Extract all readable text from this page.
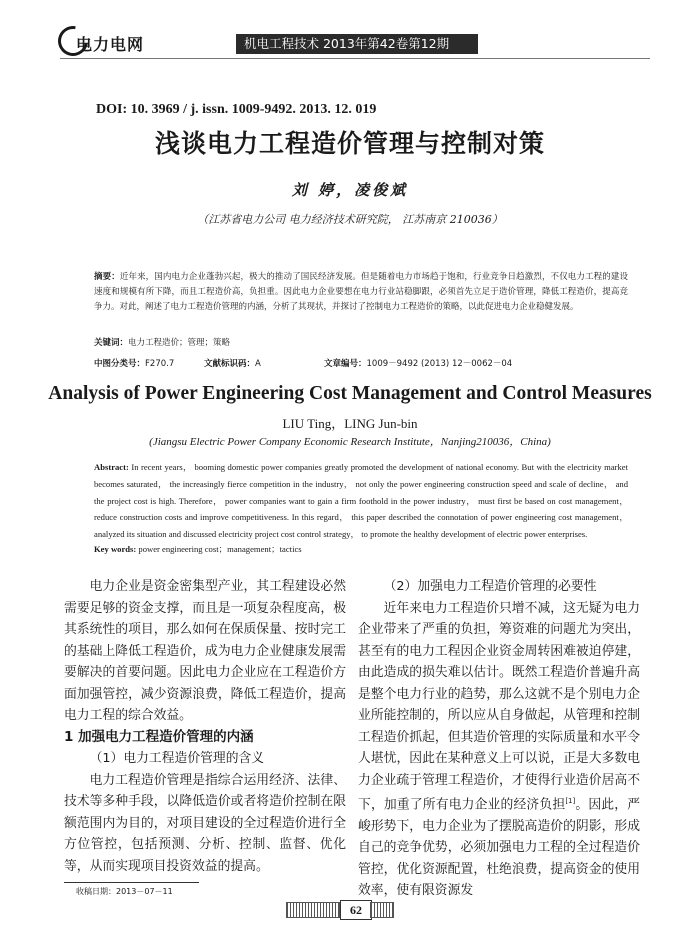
电力电网	机电工程技术 2013年第42卷第12期
DOI: 10. 3969 / j. issn. 1009-9492. 2013. 12. 019
浅谈电力工程造价管理与控制对策
刘 婷，凌俊斌
（江苏省电力公司 电力经济技术研究院， 江苏南京 210036）
摘要：近年来，国内电力企业蓬勃兴起，极大的推动了国民经济发展。但是随着电力市场趋于饱和，行业竞争日趋激烈，不仅电力工程的建设速度和规模有所下降，而且工程造价高，负担重。因此电力企业要想在电力行业站稳脚跟，必须首先立足于造价管理，降低工程造价，提高竞争力。对此，阐述了电力工程造价管理的内涵，分析了其现状，并探讨了控制电力工程造价的策略，以此促进电力企业稳健发展。
关键词：电力工程造价；管理；策略
中图分类号：F270.7	文献标识码：A	文章编号：1009－9492 (2013) 12－0062－04
Analysis of Power Engineering Cost Management and Control Measures
LIU Ting，LING Jun-bin
(Jiangsu Electric Power Company Economic Research Institute，Nanjing210036，China)
Abstract: In recent years， booming domestic power companies greatly promoted the development of national economy. But with the electricity market becomes saturated， the increasingly fierce competition in the industry， not only the power engineering construction speed and scale of decline， and the project cost is high. Therefore， power companies want to gain a firm foothold in the power industry， must first be based on cost management， reduce construction costs and improve competitiveness. In this regard， this paper described the connotation of power engineering cost management， analyzed its situation and discussed electricity project cost control strategy， to promote the healthy development of electric power enterprises.
Key words: power engineering cost；management；tactics

电力企业是资金密集型产业，其工程建设必然需要足够的资金支撑，而且是一项复杂程度高，极其系统性的项目，那么如何在保质保量、按时完工的基础上降低工程造价，成为电力企业健康发展需要解决的首要问题。因此电力企业应在工程造价方面加强管控，减少资源浪费，降低工程造价，提高电力工程的综合效益。

1 加强电力工程造价管理的内涵
（1）电力工程造价管理的含义

电力工程造价管理是指综合运用经济、法律、技术等多种手段，以降低造价或者将造价控制在限额范围内为目的，对项目建设的全过程造价进行全方位管控，包括预测、分析、控制、监督、优化等，从而实现项目投资效益的提高。

（2）加强电力工程造价管理的必要性

近年来电力工程造价只增不减，这无疑为电力企业带来了严重的负担，筹资难的问题尤为突出，甚至有的电力工程因企业资金周转困难被迫停建，由此造成的损失难以估计。既然工程造价普遍升高是整个电力行业的趋势，那么这就不是个别电力企业所能控制的，所以应从自身做起，从管理和控制工程造价抓起，但其造价管理的实际质量和水平令人堪忧，因此在某种意义上可以说，正是大多数电力企业疏于管理工程造价，才使得行业造价居高不下，加重了所有电力企业的经济负担[1]。因此，严峻形势下，电力企业为了摆脱高造价的阴影，形成自己的竞争优势，必须加强电力工程的全过程造价管控，优化资源配置，杜绝浪费，提高资金的使用效率，使有限资源发

收稿日期：2013－07－11
62
